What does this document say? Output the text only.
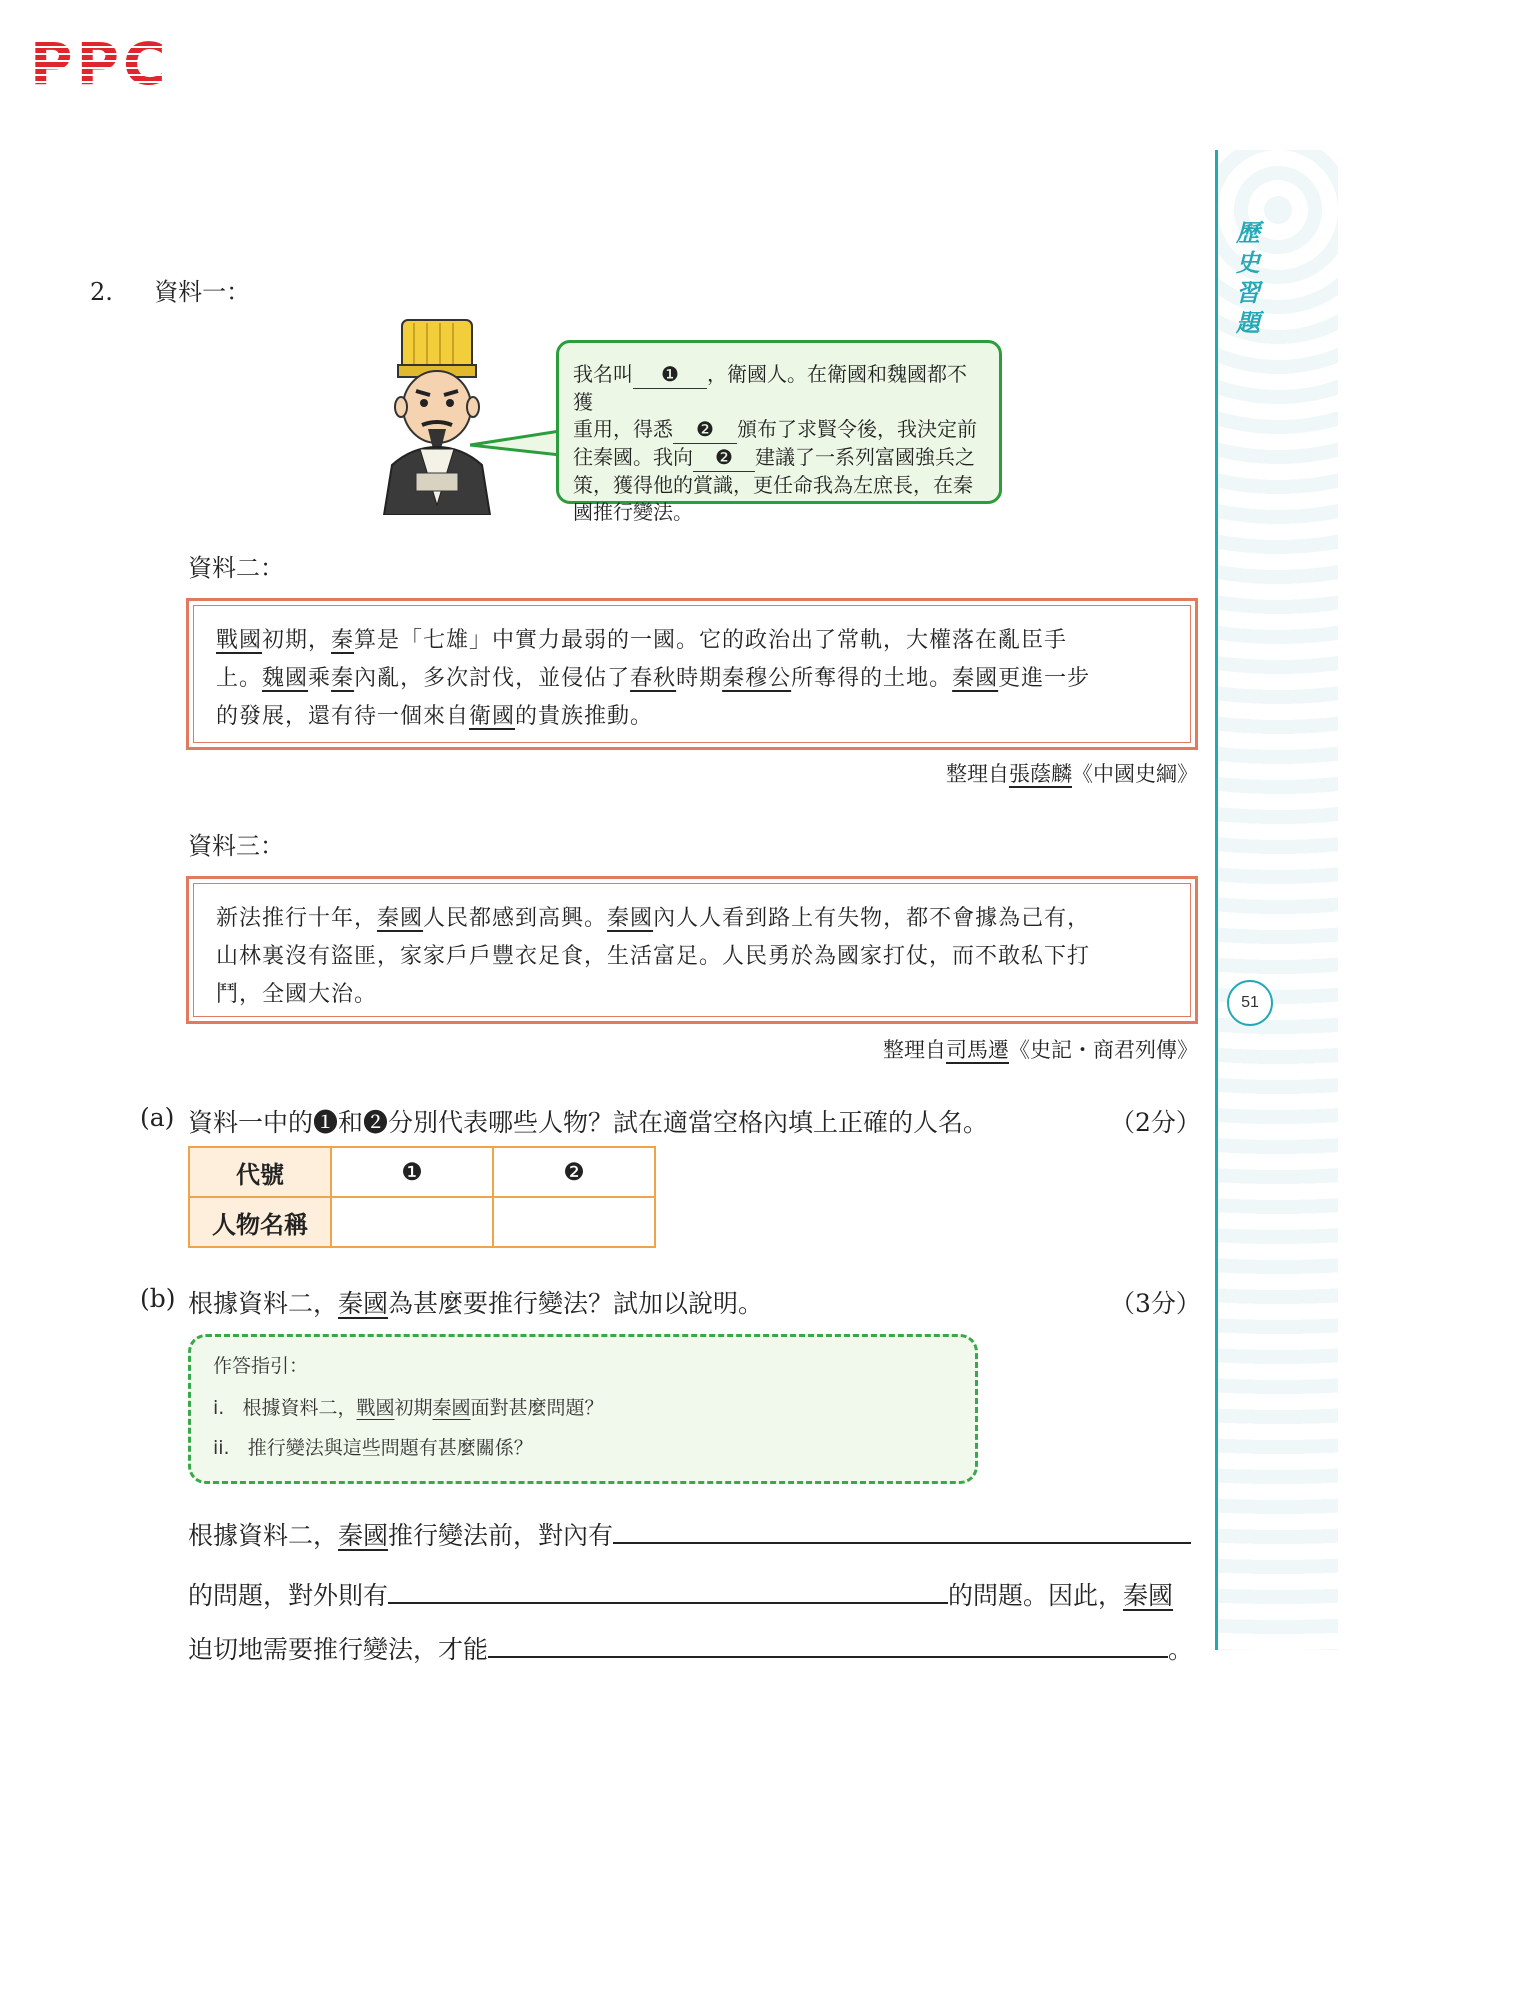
PPC
歷史習題
51
2. 資料一：
我名叫 ❶ ，衛國人。在衛國和魏國都不獲
重用，得悉 ❷ 頒布了求賢令後，我決定前
往秦國。我向 ❷ 建議了一系列富國強兵之
策，獲得他的賞識，更任命我為左庶長，在秦
國推行變法。
資料二：
戰國初期，秦算是「七雄」中實力最弱的一國。它的政治出了常軌，大權落在亂臣手
上。魏國乘秦內亂，多次討伐，並侵佔了春秋時期秦穆公所奪得的土地。秦國更進一步
的發展，還有待一個來自衛國的貴族推動。
整理自張蔭麟《中國史綱》
資料三：
新法推行十年，秦國人民都感到高興。秦國內人人看到路上有失物，都不會據為己有，
山林裏沒有盜匪，家家戶戶豐衣足食，生活富足。人民勇於為國家打仗，而不敢私下打
鬥，全國大治。
整理自司馬遷《史記・商君列傳》
(a) 資料一中的❶和❷分別代表哪些人物？試在適當空格內填上正確的人名。	（2分）
代號	❶	❷
人物名稱		
(b) 根據資料二，秦國為甚麼要推行變法？試加以說明。	（3分）
作答指引：
i. 根據資料二，戰國初期秦國面對甚麼問題？
ii. 推行變法與這些問題有甚麼關係？
根據資料二，秦國推行變法前，對內有
的問題，對外則有	的問題。因此，秦國
迫切地需要推行變法，才能	。
